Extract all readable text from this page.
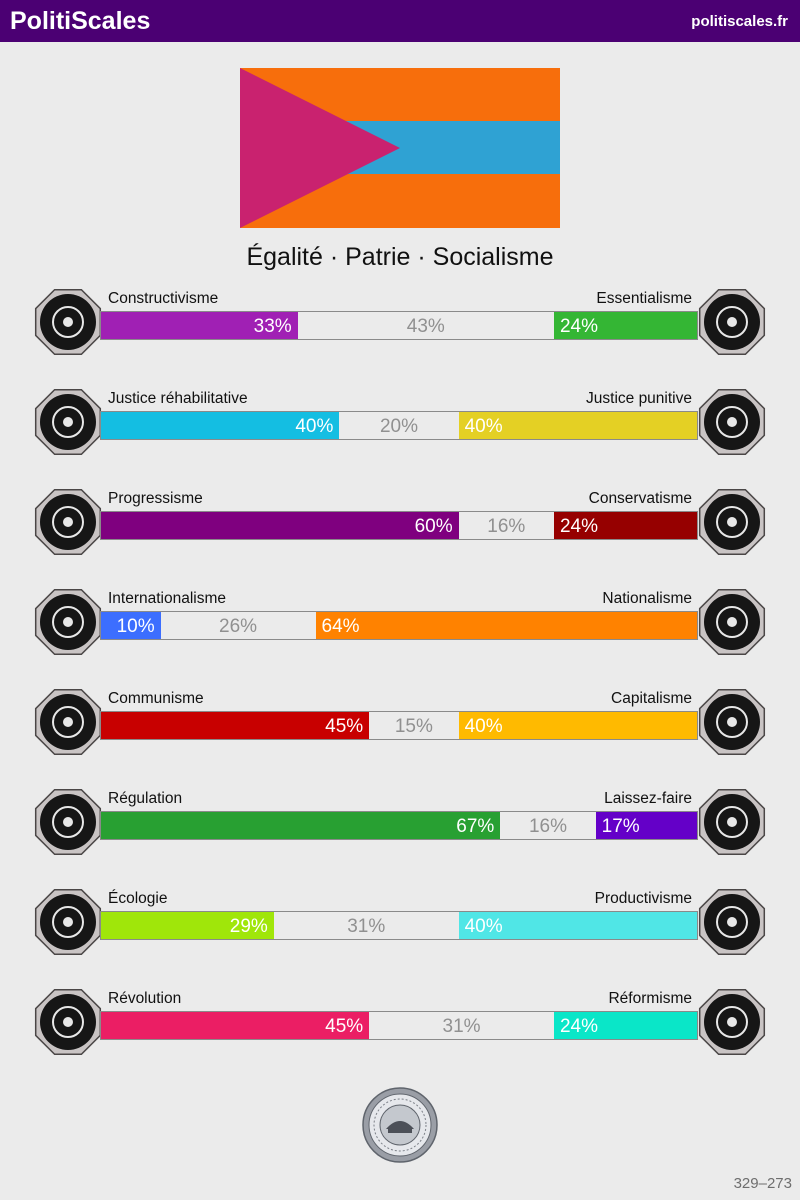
PolitiScales	politiscales.fr
Égalité · Patrie · Socialisme
Constructivisme	Essentialisme
33%	43%	24%
Justice réhabilitative	Justice punitive
40%	20%	40%
Progressisme	Conservatisme
60%	16%	24%
Internationalisme	Nationalisme
10%	26%	64%
Communisme	Capitalisme
45%	15%	40%
Régulation	Laissez-faire
67%	16%	17%
Écologie	Productivisme
29%	31%	40%
Révolution	Réformisme
45%	31%	24%
329–273
